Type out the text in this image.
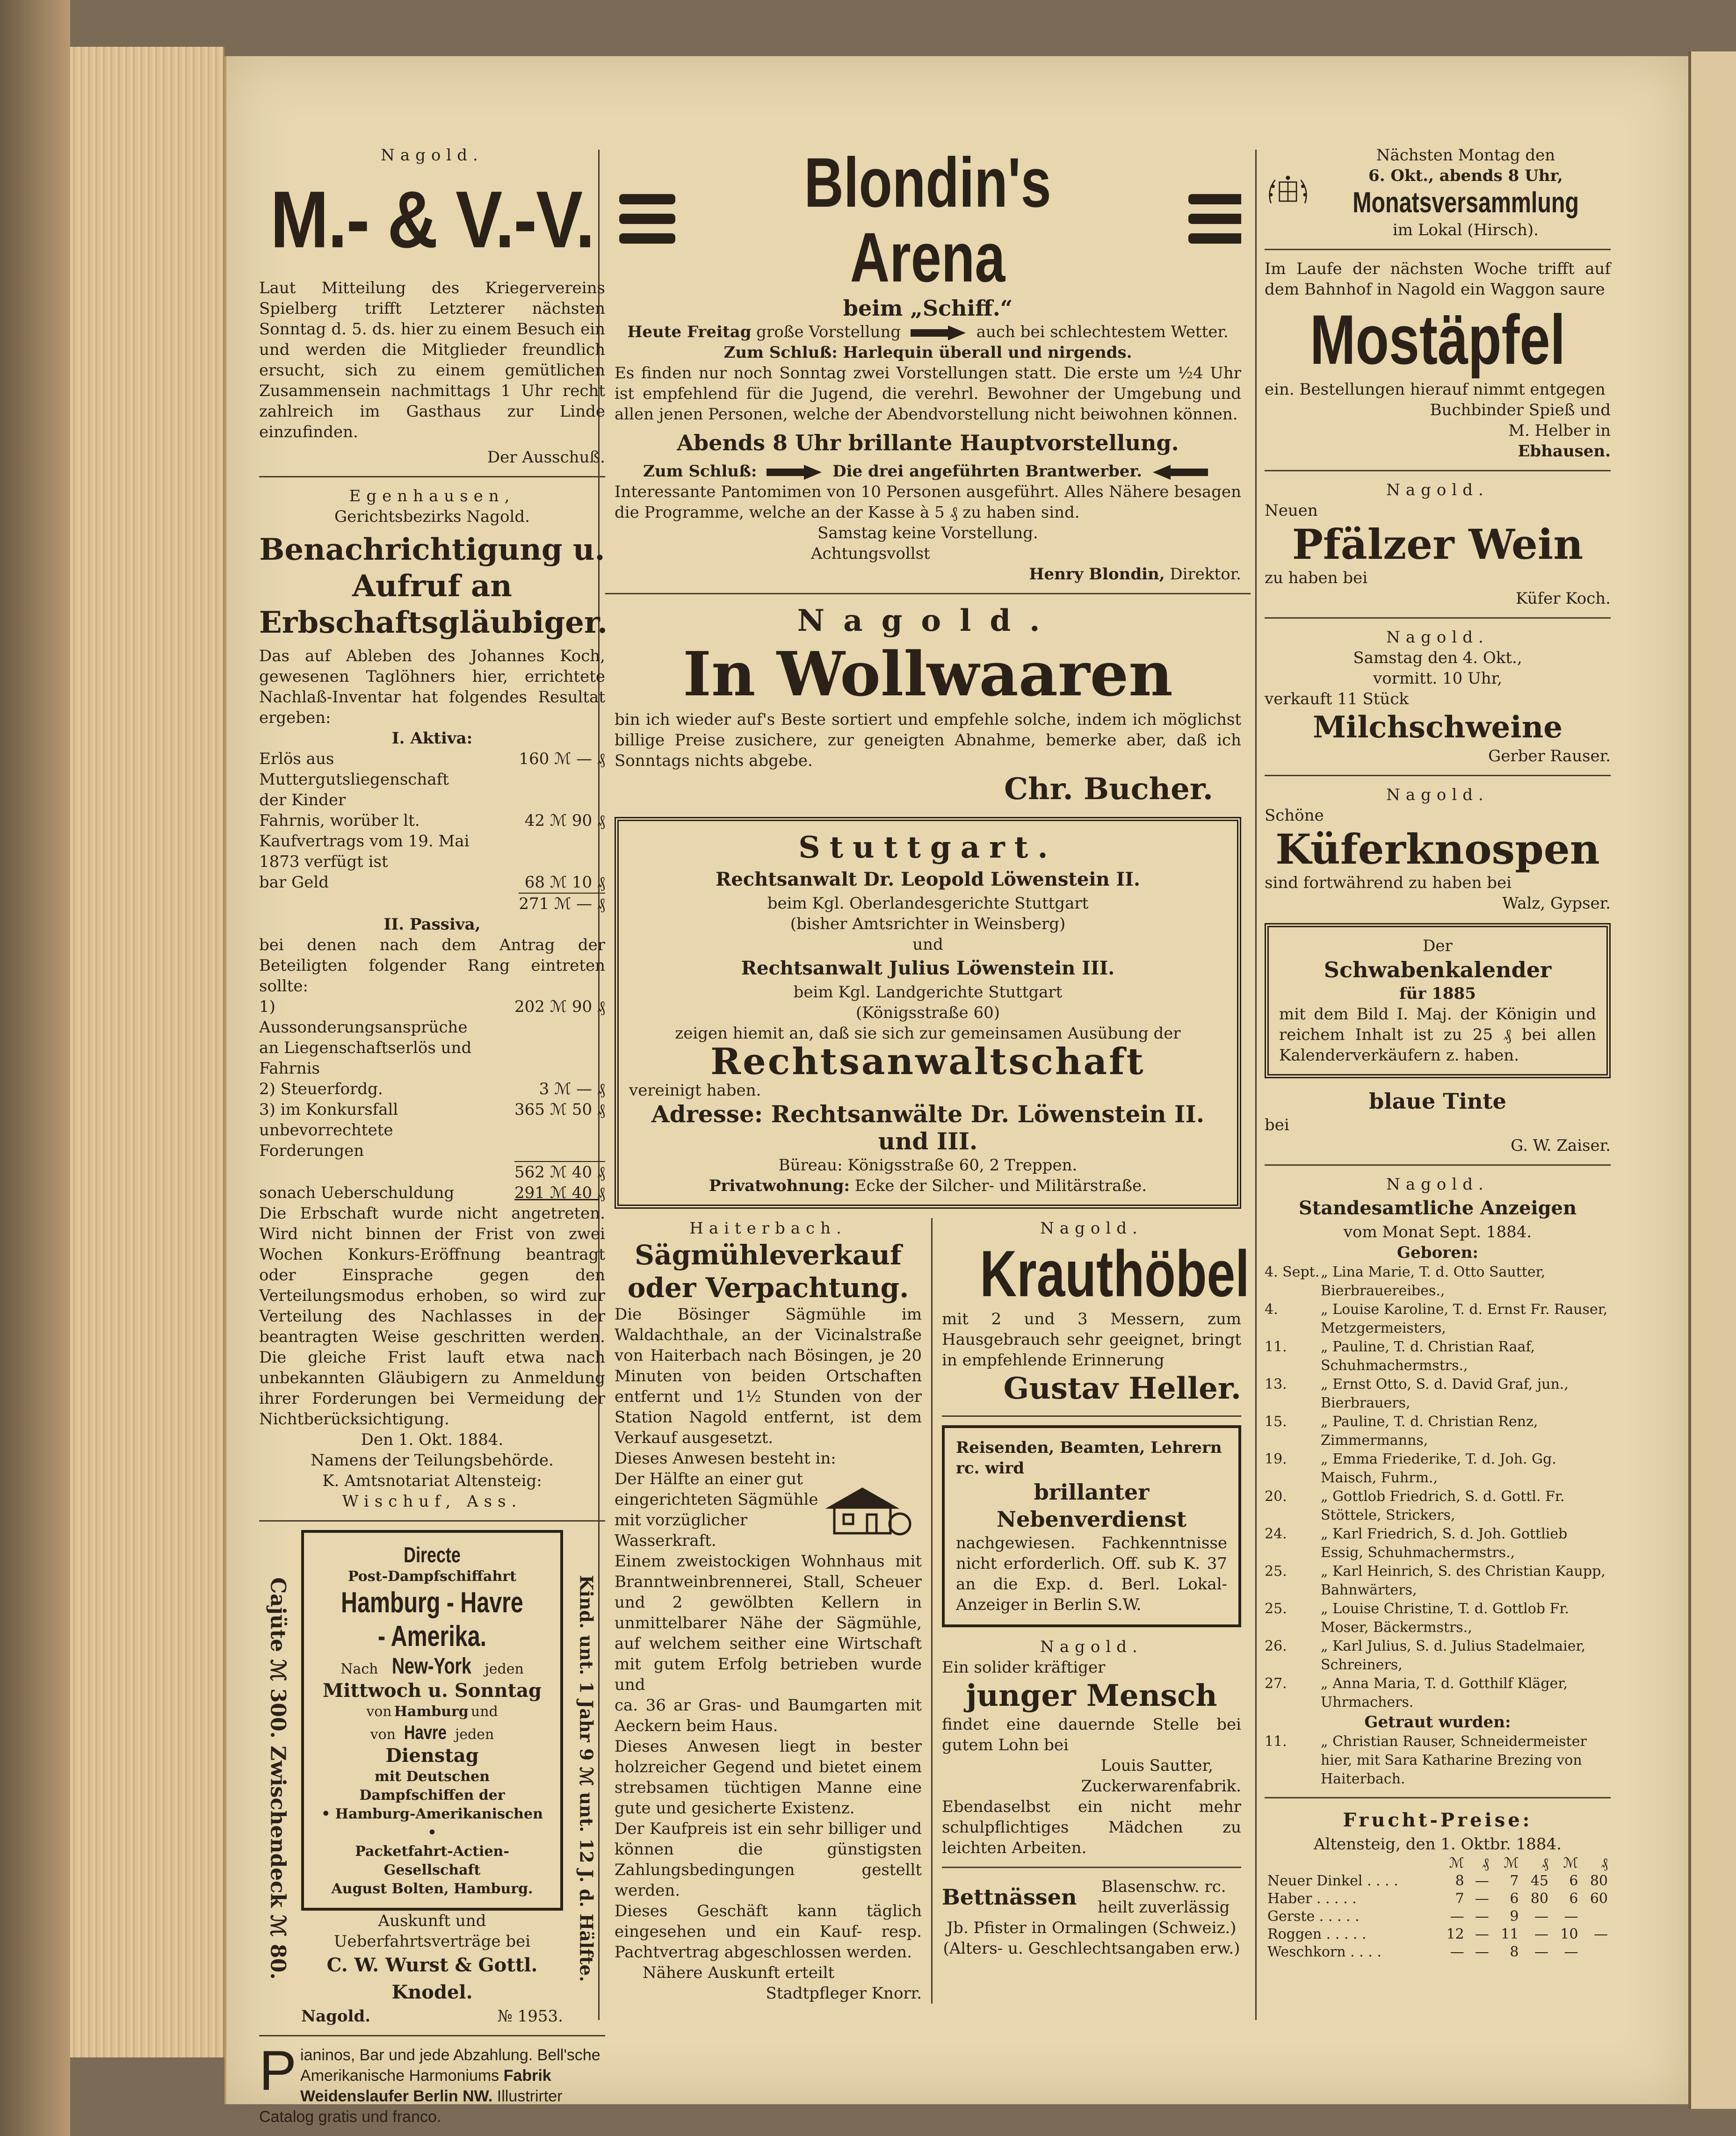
Nagold.
M.- & V.-V.
Laut Mitteilung des Kriegervereins Spielberg trifft Letzterer nächsten Sonntag d. 5. ds. hier zu einem Besuch ein und werden die Mitglieder freundlich ersucht, sich zu einem gemütlichen Zusammensein nachmittags 1 Uhr recht zahlreich im Gasthaus zur Linde einzufinden.
Der Ausschuß.
Egenhausen,
Gerichtsbezirks Nagold.
Benachrichtigung u. Aufruf an Erbschaftsgläubiger.
Das auf Ableben des Johannes Koch, gewesenen Taglöhners hier, errichtete Nachlaß-Inventar hat folgendes Resultat ergeben:
I. Aktiva:
Erlös aus Muttergutsliegenschaft der Kinder
160 ℳ — ₰
Fahrnis, worüber lt. Kaufvertrags vom 19. Mai 1873 verfügt ist
42 ℳ 90 ₰
bar Geld	68 ℳ 10 ₰
271 ℳ — ₰
II. Passiva,
bei denen nach dem Antrag der Beteiligten folgender Rang eintreten sollte:
1) Aussonderungsansprüche an Liegenschaftserlös und Fahrnis
202 ℳ 90 ₰
2) Steuerfordg.	3 ℳ — ₰
3) im Konkursfall unbevorrechtete Forderungen
365 ℳ 50 ₰
562 ℳ 40 ₰
sonach Ueberschuldung	291 ℳ 40 ₰
Die Erbschaft wurde nicht angetreten. Wird nicht binnen der Frist von zwei Wochen Konkurs-Eröffnung beantragt oder Einsprache gegen den Verteilungsmodus erhoben, so wird zur Verteilung des Nachlasses in der beantragten Weise geschritten werden. Die gleiche Frist lauft etwa nach unbekannten Gläubigern zu Anmeldung ihrer Forderungen bei Vermeidung der Nichtberücksichtigung.
Den 1. Okt. 1884.
Namens der Teilungsbehörde.
K. Amtsnotariat Altensteig:
Wischuf, Ass.
Cajüte ℳ 300. Zwischendeck ℳ 80.	Kind. unt. 1 Jahr 9 ℳ unt. 12 J. d. Hälfte.
Directe
Post-Dampfschiffahrt
Hamburg - Havre - Amerika.
Nach New-York jeden
Mittwoch u. Sonntag
von Hamburg und
von Havre jeden
Dienstag
mit Deutschen Dampfschiffen der
• Hamburg-Amerikanischen •
Packetfahrt-Actien-Gesellschaft
August Bolten, Hamburg.
Auskunft und Ueberfahrtsverträge bei
C. W. Wurst & Gottl. Knodel.
Nagold.	№ 1953.
P ianinos, Bar und jede Abzahlung. Bell'sche Amerikanische Harmoniums Fabrik Weidenslaufer Berlin NW. Illustrirter Catalog gratis und franco.
Blondin's Arena
beim „Schiff.“
Heute Freitag große Vorstellung	auch bei schlechtestem Wetter.
Zum Schluß: Harlequin überall und nirgends.
Es finden nur noch Sonntag zwei Vorstellungen statt. Die erste um ½4 Uhr ist empfehlend für die Jugend, die verehrl. Bewohner der Umgebung und allen jenen Personen, welche der Abendvorstellung nicht beiwohnen können.
Abends 8 Uhr brillante Hauptvorstellung.
Zum Schluß:	Die drei angeführten Brantwerber.
Interessante Pantomimen von 10 Personen ausgeführt. Alles Nähere besagen die Programme, welche an der Kasse à 5 ₰ zu haben sind.
Samstag keine Vorstellung.
Achtungsvollst
Henry Blondin, Direktor.
Nagold.
In Wollwaaren
bin ich wieder auf's Beste sortiert und empfehle solche, indem ich möglichst billige Preise zusichere, zur geneigten Abnahme, bemerke aber, daß ich Sonntags nichts abgebe.
Chr. Bucher.
Stuttgart.
Rechtsanwalt Dr. Leopold Löwenstein II.
beim Kgl. Oberlandesgerichte Stuttgart
(bisher Amtsrichter in Weinsberg)
und
Rechtsanwalt Julius Löwenstein III.
beim Kgl. Landgerichte Stuttgart
(Königsstraße 60)
zeigen hiemit an, daß sie sich zur gemeinsamen Ausübung der
Rechtsanwaltschaft
vereinigt haben.
Adresse: Rechtsanwälte Dr. Löwenstein II. und III.
Büreau: Königsstraße 60, 2 Treppen.
Privatwohnung: Ecke der Silcher- und Militärstraße.
Haiterbach.
Sägmühleverkauf oder Verpachtung.
Die Bösinger Sägmühle im Waldachthale, an der Vicinalstraße von Haiterbach nach Bösingen, je 20 Minuten von beiden Ortschaften entfernt und 1½ Stunden von der Station Nagold entfernt, ist dem Verkauf ausgesetzt.
Dieses Anwesen besteht in:
Der Hälfte an einer gut eingerichteten Sägmühle mit vorzüglicher Wasserkraft.
Einem zweistockigen Wohnhaus mit Branntweinbrennerei, Stall, Scheuer und 2 gewölbten Kellern in unmittelbarer Nähe der Sägmühle, auf welchem seither eine Wirtschaft mit gutem Erfolg betrieben wurde und
ca. 36 ar Gras- und Baumgarten mit Aeckern beim Haus.
Dieses Anwesen liegt in bester holzreicher Gegend und bietet einem strebsamen tüchtigen Manne eine gute und gesicherte Existenz.
Der Kaufpreis ist ein sehr billiger und können die günstigsten Zahlungsbedingungen gestellt werden.
Dieses Geschäft kann täglich eingesehen und ein Kauf- resp. Pachtvertrag abgeschlossen werden.
Nähere Auskunft erteilt
Stadtpfleger Knorr.
Nagold.
Krauthöbel
mit 2 und 3 Messern, zum Hausgebrauch sehr geeignet, bringt in empfehlende Erinnerung
Gustav Heller.
Reisenden, Beamten, Lehrern rc. wird
brillanter
Nebenverdienst
nachgewiesen. Fachkenntnisse nicht erforderlich. Off. sub K. 37 an die Exp. d. Berl. Lokal-Anzeiger in Berlin S.W.
Nagold.
Ein solider kräftiger
junger Mensch
findet eine dauernde Stelle bei gutem Lohn bei
Louis Sautter,
Zuckerwarenfabrik.
Ebendaselbst ein nicht mehr schulpflichtiges Mädchen zu leichten Arbeiten.
Bettnässen	Blasenschw. rc. heilt zuverlässig
Jb. Pfister in Ormalingen (Schweiz.)
(Alters- u. Geschlechtsangaben erw.)
Nächsten Montag den
6. Okt., abends 8 Uhr,
Monatsversammlung
im Lokal (Hirsch).
Im Laufe der nächsten Woche trifft auf dem Bahnhof in Nagold ein Waggon saure
Mostäpfel
ein. Bestellungen hierauf nimmt entgegen
Buchbinder Spieß und
M. Helber in
Ebhausen.
Nagold.
Neuen
Pfälzer Wein
zu haben bei
Küfer Koch.
Nagold.
Samstag den 4. Okt.,
vormitt. 10 Uhr,
verkauft 11 Stück
Milchschweine
Gerber Rauser.
Nagold.
Schöne
Küferknospen
sind fortwährend zu haben bei
Walz, Gypser.
Der
Schwabenkalender
für 1885
mit dem Bild I. Maj. der Königin und reichem Inhalt ist zu 25 ₰ bei allen Kalenderverkäufern z. haben.
blaue Tinte
bei
G. W. Zaiser.
Nagold.
Standesamtliche Anzeigen
vom Monat Sept. 1884.
Geboren:
4. Sept. „ Lina Marie, T. d. Otto Sautter, Bierbrauereibes.,
4.	„ Louise Karoline, T. d. Ernst Fr. Rauser, Metzgermeisters,
11.	„ Pauline, T. d. Christian Raaf, Schuhmachermstrs.,
13.	„ Ernst Otto, S. d. David Graf, jun., Bierbrauers,
15.	„ Pauline, T. d. Christian Renz, Zimmermanns,
19.	„ Emma Friederike, T. d. Joh. Gg. Maisch, Fuhrm.,
20.	„ Gottlob Friedrich, S. d. Gottl. Fr. Stöttele, Strickers,
24.	„ Karl Friedrich, S. d. Joh. Gottlieb Essig, Schuhmachermstrs.,
25.	„ Karl Heinrich, S. des Christian Kaupp, Bahnwärters,
25.	„ Louise Christine, T. d. Gottlob Fr. Moser, Bäckermstrs.,
26.	„ Karl Julius, S. d. Julius Stadelmaier, Schreiners,
27.	„ Anna Maria, T. d. Gotthilf Kläger, Uhrmachers.
Getraut wurden:
11.	„ Christian Rauser, Schneidermeister hier, mit Sara Katharine Brezing von Haiterbach.
Frucht-Preise:
Altensteig, den 1. Oktbr. 1884.
	ℳ	₰	ℳ	₰	ℳ	₰
Neuer Dinkel . . . .	8	—	7	45	6	80
Haber . . . . .	7	—	6	80	6	60
Gerste . . . . .	—	—	9	—	—	
Roggen . . . . .	12	—	11	—	10	—
Weschkorn . . . .	—	—	8	—	—	
